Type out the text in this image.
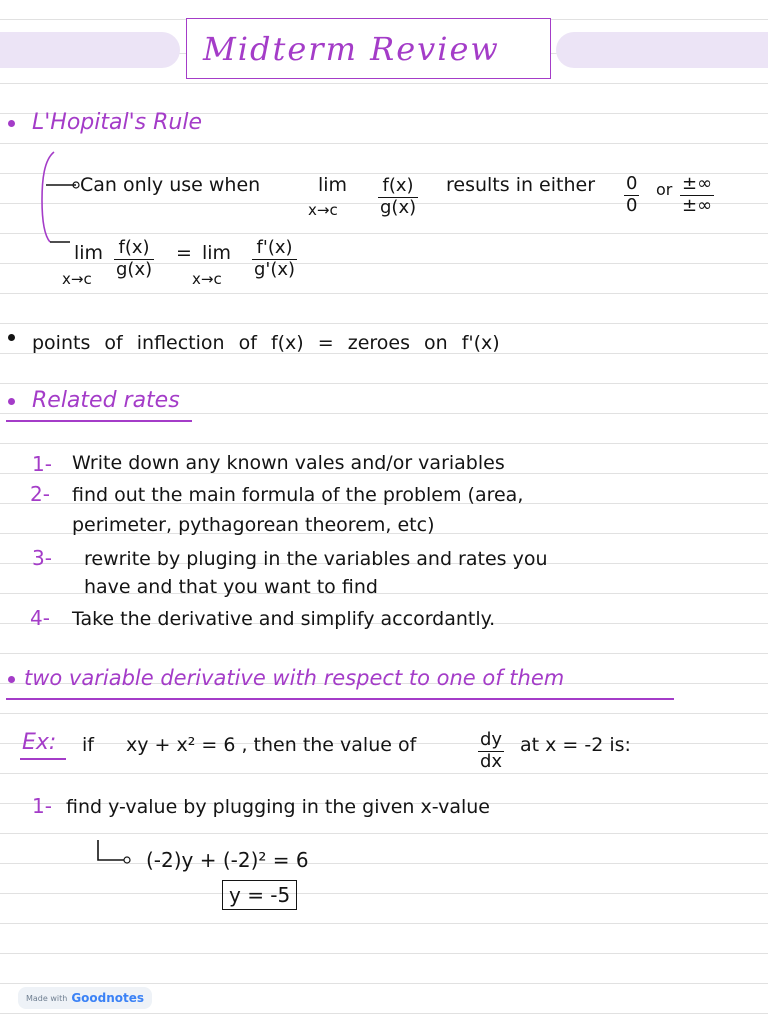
Midterm Review
L'Hopital's Rule
Can only use when	lim
$x\to c \frac{f(x)}{g(x)}$ results in either $\frac{0}{0}$ or ±∞
±∞
lim
$x\to c \frac{f(x)}{g(x)} = \lim$
$x\to c \frac{f'(x)}{g'(x)}$
points of inflection of f(x) = zeroes on f'(x)
Related rates
1- Write down any known vales and/or variables
2- find out the main formula of the problem (area,
perimeter, pythagorean theorem, etc)
3- rewrite by pluging in the variables and rates you
have and that you want to find
4- Take the derivative and simplify accordantly.
two variable derivative with respect to one of them
Ex: if xy + x² = 6 , then the value of	$\frac{dy}{dx}$ at x = -2 is:
1- find y-value by plugging in the given x-value
(-2)y + (-2)² = 6
y = -5
Made with Goodnotes
